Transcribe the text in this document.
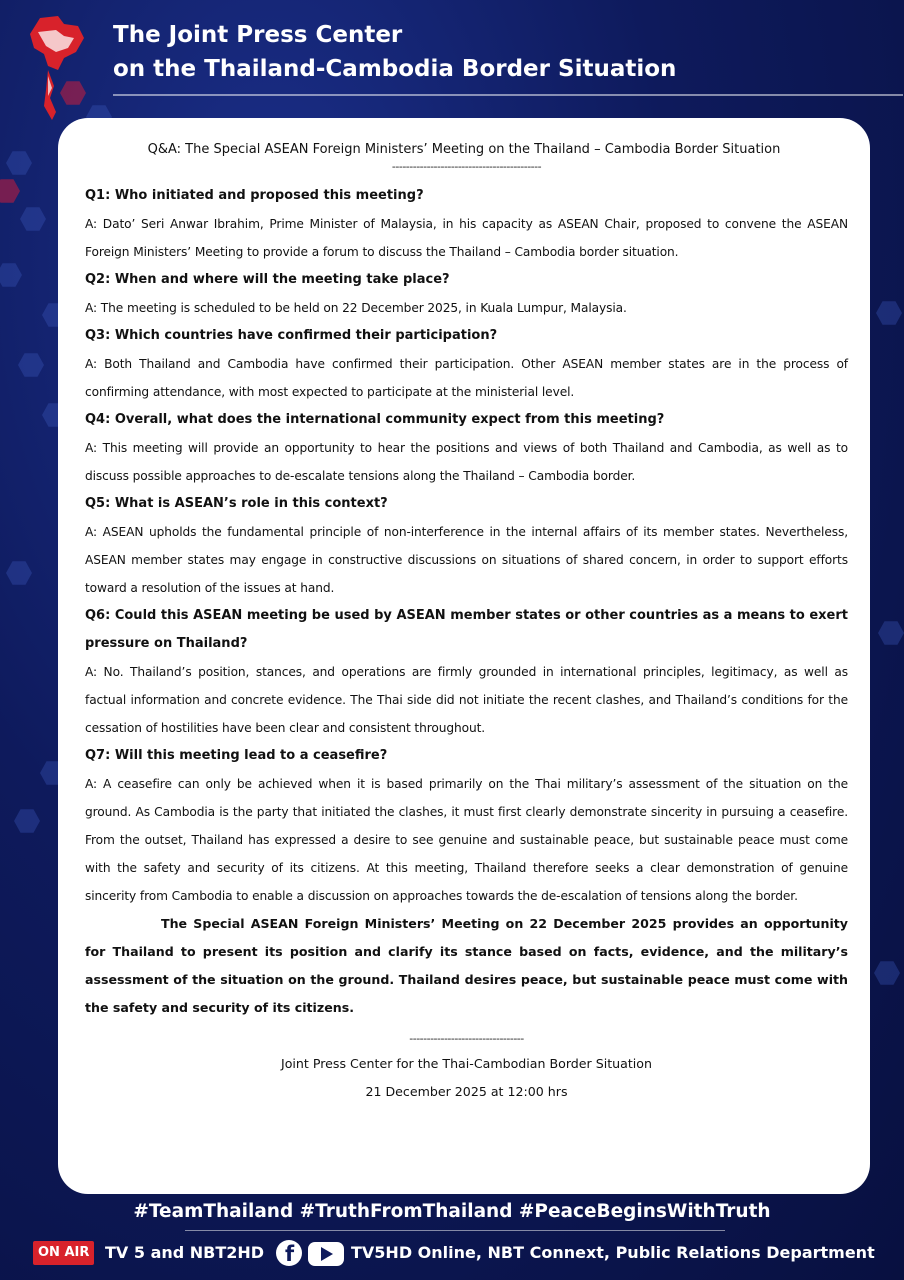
The Joint Press Center
on the Thailand-Cambodia Border Situation
Q&A: The Special ASEAN Foreign Ministers’ Meeting on the Thailand – Cambodia Border Situation
-------------------------------------------

Q1: Who initiated and proposed this meeting?

A: Dato’ Seri Anwar Ibrahim, Prime Minister of Malaysia, in his capacity as ASEAN Chair, proposed to convene the ASEAN Foreign Ministers’ Meeting to provide a forum to discuss the Thailand – Cambodia border situation.

Q2: When and where will the meeting take place?

A: The meeting is scheduled to be held on 22 December 2025, in Kuala Lumpur, Malaysia.

Q3: Which countries have confirmed their participation?

A: Both Thailand and Cambodia have confirmed their participation. Other ASEAN member states are in the process of confirming attendance, with most expected to participate at the ministerial level.

Q4: Overall, what does the international community expect from this meeting?

A: This meeting will provide an opportunity to hear the positions and views of both Thailand and Cambodia, as well as to discuss possible approaches to de-escalate tensions along the Thailand – Cambodia border.

Q5: What is ASEAN’s role in this context?

A: ASEAN upholds the fundamental principle of non-interference in the internal affairs of its member states. Nevertheless, ASEAN member states may engage in constructive discussions on situations of shared concern, in order to support efforts toward a resolution of the issues at hand.

Q6: Could this ASEAN meeting be used by ASEAN member states or other countries as a means to exert pressure on Thailand?

A: No. Thailand’s position, stances, and operations are firmly grounded in international principles, legitimacy, as well as factual information and concrete evidence. The Thai side did not initiate the recent clashes, and Thailand’s conditions for the cessation of hostilities have been clear and consistent throughout.

Q7: Will this meeting lead to a ceasefire?

A: A ceasefire can only be achieved when it is based primarily on the Thai military’s assessment of the situation on the ground. As Cambodia is the party that initiated the clashes, it must first clearly demonstrate sincerity in pursuing a ceasefire. From the outset, Thailand has expressed a desire to see genuine and sustainable peace, but sustainable peace must come with the safety and security of its citizens. At this meeting, Thailand therefore seeks a clear demonstration of genuine sincerity from Cambodia to enable a discussion on approaches towards the de-escalation of tensions along the border.

The Special ASEAN Foreign Ministers’ Meeting on 22 December 2025 provides an opportunity for Thailand to present its position and clarify its stance based on facts, evidence, and the military’s assessment of the situation on the ground. Thailand desires peace, but sustainable peace must come with the safety and security of its citizens.

---------------------------------

Joint Press Center for the Thai-Cambodian Border Situation

21 December 2025 at 12:00 hrs

#TeamThailand #TruthFromThailand #PeaceBeginsWithTruth
ON AIR TV 5 and NBT2HD f	TV5HD Online, NBT Connext, Public Relations Department
